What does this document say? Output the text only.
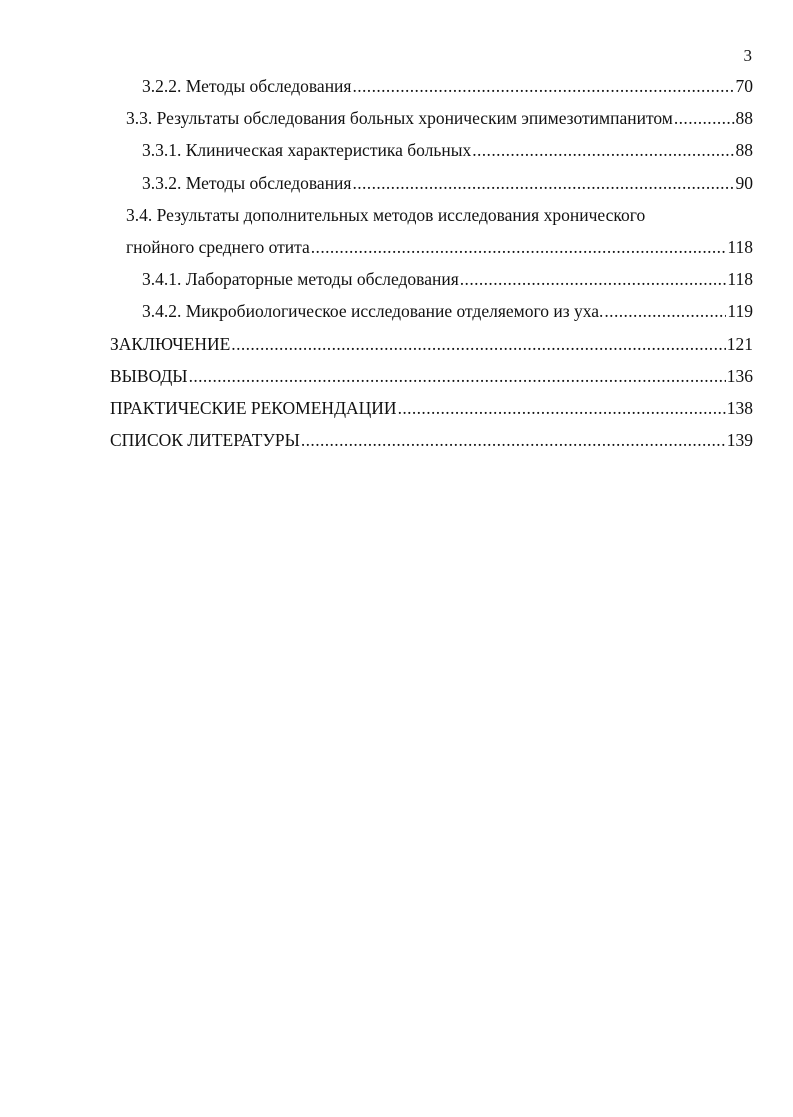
3
3.2.2. Методы обследования .....	70
3.3. Результаты обследования больных хроническим эпимезотимпанитом .....	88
3.3.1. Клиническая характеристика больных .....	88
3.3.2. Методы обследования .....	90
3.4. Результаты дополнительных методов исследования хронического
гнойного среднего отита .....	118
3.4.1. Лабораторные методы обследования .....	118
3.4.2. Микробиологическое исследование отделяемого из уха. .....	119
ЗАКЛЮЧЕНИЕ .....	121
ВЫВОДЫ .....	136
ПРАКТИЧЕСКИЕ РЕКОМЕНДАЦИИ .....	138
СПИСОК ЛИТЕРАТУРЫ .....	139
